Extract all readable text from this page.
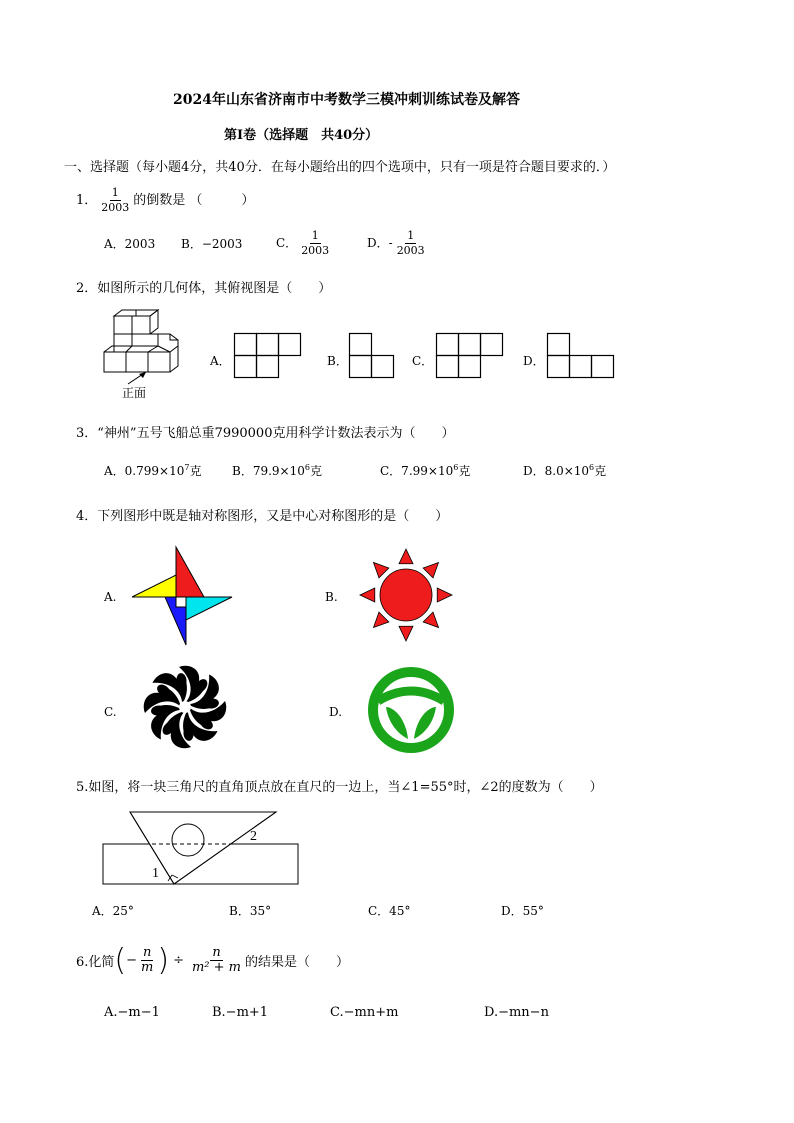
2024年山东省济南市中考数学三模冲刺训练试卷及解答
第Ⅰ卷（选择题　共40分）
一、选择题（每小题4分，共40分．在每小题给出的四个选项中，只有一项是符合题目要求的．）
1． $\frac{1}{2003}$ 的倒数是 （　　　）
A．2003 B．−2003	C． $\frac{1}{2003}$	D．- $\frac{1}{2003}$
2．如图所示的几何体，其俯视图是（　　）
正面
A．	B．	C．	D．
3．“神州”五号飞船总重7990000克用科学计数法表示为（　　）
A．$0.799\times 10^7$克	B．$79.9\times 10^6$克	C．$7.99\times 10^6$克	D．$8.0\times 10^6$克
4．下列图形中既是轴对称图形，又是中心对称图形的是（　　）
A.	B.
C.	D.
5.如图，将一块三角尺的直角顶点放在直尺的一边上，当∠1=55°时，∠2的度数为（　　）
2
1
A．25°	B．35°	C．45°	D．55°
6.化简 ( − $\frac{n}{m}$ ) ÷ $\frac{n}{\text{m² + m}}$ 的结果是（　　）
A.−m−1	B.−m+1	C.−mn+m	D.−mn−n
